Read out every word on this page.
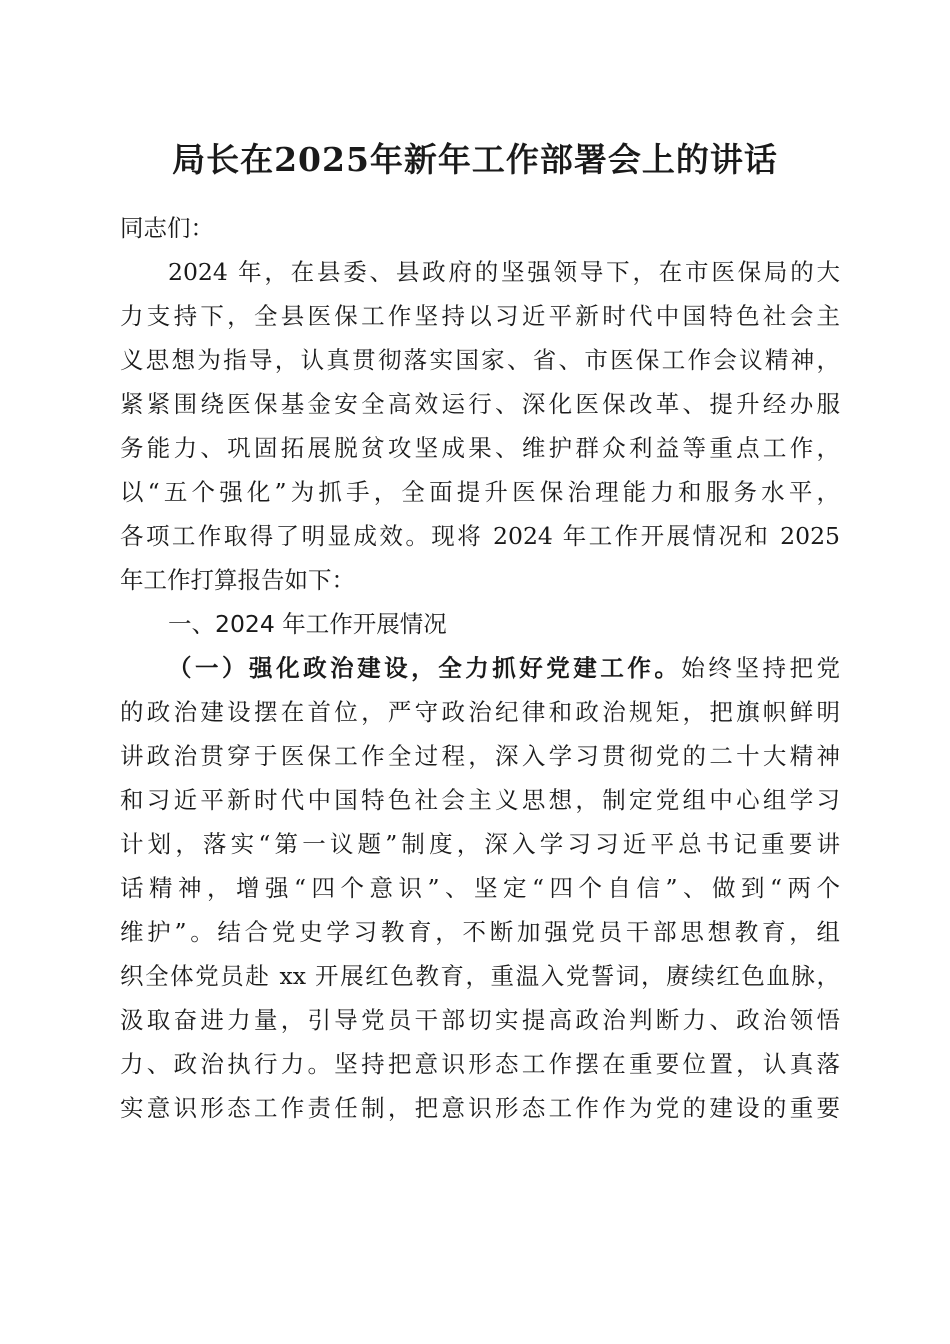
局长在2025年新年工作部署会上的讲话
同志们：
2024 年，在县委、县政府的坚强领导下，在市医保局的大
力支持下，全县医保工作坚持以习近平新时代中国特色社会主
义思想为指导，认真贯彻落实国家、省、市医保工作会议精神，
紧紧围绕医保基金安全高效运行、深化医保改革、提升经办服
务能力、巩固拓展脱贫攻坚成果、维护群众利益等重点工作，
以“五个强化”为抓手，全面提升医保治理能力和服务水平，
各项工作取得了明显成效。现将 2024 年工作开展情况和 2025
年工作打算报告如下：
一、2024 年工作开展情况
（一）强化政治建设，全力抓好党建工作。始终坚持把党
的政治建设摆在首位，严守政治纪律和政治规矩，把旗帜鲜明
讲政治贯穿于医保工作全过程，深入学习贯彻党的二十大精神
和习近平新时代中国特色社会主义思想，制定党组中心组学习
计划，落实“第一议题”制度，深入学习习近平总书记重要讲
话精神，增强“四个意识”、坚定“四个自信”、做到“两个
维护”。结合党史学习教育，不断加强党员干部思想教育，组
织全体党员赴 xx 开展红色教育，重温入党誓词，赓续红色血脉，
汲取奋进力量，引导党员干部切实提高政治判断力、政治领悟
力、政治执行力。坚持把意识形态工作摆在重要位置，认真落
实意识形态工作责任制，把意识形态工作作为党的建设的重要
